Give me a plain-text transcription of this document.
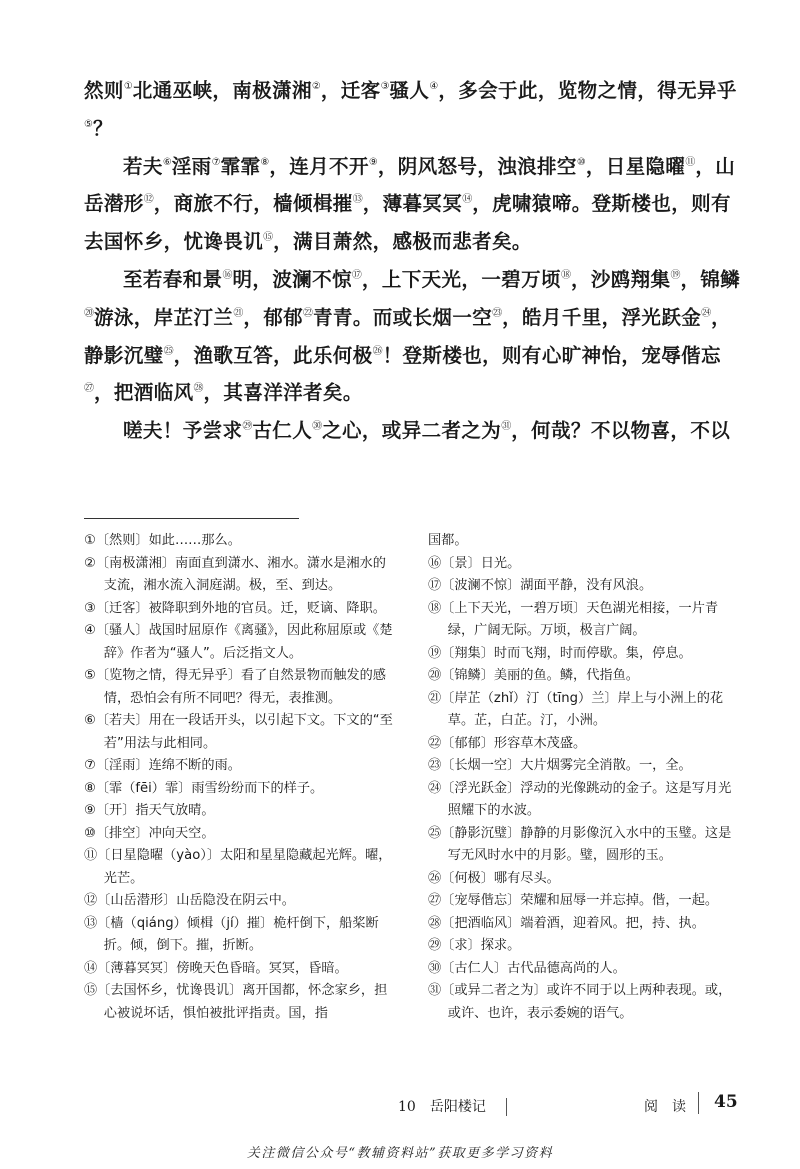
然则①北通巫峡，南极潇湘②，迁客③骚人④，多会于此，览物之情，得无异乎⑤？

若夫⑥淫雨⑦霏霏⑧，连月不开⑨，阴风怒号，浊浪排空⑩，日星隐曜⑪，山岳潜形⑫，商旅不行，樯倾楫摧⑬，薄暮冥冥⑭，虎啸猿啼。登斯楼也，则有去国怀乡，忧谗畏讥⑮，满目萧然，感极而悲者矣。

至若春和景⑯明，波澜不惊⑰，上下天光，一碧万顷⑱，沙鸥翔集⑲，锦鳞⑳游泳，岸芷汀兰$^㉑$，郁郁$^㉒$青青。而或长烟一空$^㉓$，皓月千里，浮光跃金$^㉔$，静影沉璧$^㉕$，渔歌互答，此乐何极$^㉖$！登斯楼也，则有心旷神怡，宠辱偕忘$^㉗$，把酒临风$^㉘$，其喜洋洋者矣。

嗟夫！予尝求$^㉙$古仁人$^㉚$之心，或异二者之为$^㉛$，何哉？不以物喜，不以

①〔然则〕如此……那么。

②〔南极潇湘〕南面直到潇水、湘水。潇水是湘水的支流，湘水流入洞庭湖。极，至、到达。

③〔迁客〕被降职到外地的官员。迁，贬谪、降职。

④〔骚人〕战国时屈原作《离骚》，因此称屈原或《楚辞》作者为“骚人”。后泛指文人。

⑤〔览物之情，得无异乎〕看了自然景物而触发的感情，恐怕会有所不同吧？得无，表推测。

⑥〔若夫〕用在一段话开头，以引起下文。下文的“至若”用法与此相同。

⑦〔淫雨〕连绵不断的雨。

⑧〔霏（fēi）霏〕雨雪纷纷而下的样子。

⑨〔开〕指天气放晴。

⑩〔排空〕冲向天空。

⑪〔日星隐曜（yào）〕太阳和星星隐藏起光辉。曜，光芒。

⑫〔山岳潜形〕山岳隐没在阴云中。

⑬〔樯（qiáng）倾楫（jí）摧〕桅杆倒下，船桨断折。倾，倒下。摧，折断。

⑭〔薄暮冥冥〕傍晚天色昏暗。冥冥，昏暗。

⑮〔去国怀乡，忧谗畏讥〕离开国都，怀念家乡，担心被说坏话，惧怕被批评指责。国，指

国都。

⑯〔景〕日光。

⑰〔波澜不惊〕湖面平静，没有风浪。

⑱〔上下天光，一碧万顷〕天色湖光相接，一片青绿，广阔无际。万顷，极言广阔。

⑲〔翔集〕时而飞翔，时而停歇。集，停息。

⑳〔锦鳞〕美丽的鱼。鳞，代指鱼。

㉑〔岸芷（zhǐ）汀（tīng）兰〕岸上与小洲上的花草。芷，白芷。汀，小洲。

㉒〔郁郁〕形容草木茂盛。

㉓〔长烟一空〕大片烟雾完全消散。一，全。

㉔〔浮光跃金〕浮动的光像跳动的金子。这是写月光照耀下的水波。

㉕〔静影沉璧〕静静的月影像沉入水中的玉璧。这是写无风时水中的月影。璧，圆形的玉。

㉖〔何极〕哪有尽头。

㉗〔宠辱偕忘〕荣耀和屈辱一并忘掉。偕，一起。

㉘〔把酒临风〕端着酒，迎着风。把，持、执。

㉙〔求〕探求。

㉚〔古仁人〕古代品德高尚的人。

㉛〔或异二者之为〕或许不同于以上两种表现。或，或许、也许，表示委婉的语气。

10　岳阳楼记	阅　读 45
关注微信公众号“教辅资料站”获取更多学习资料
